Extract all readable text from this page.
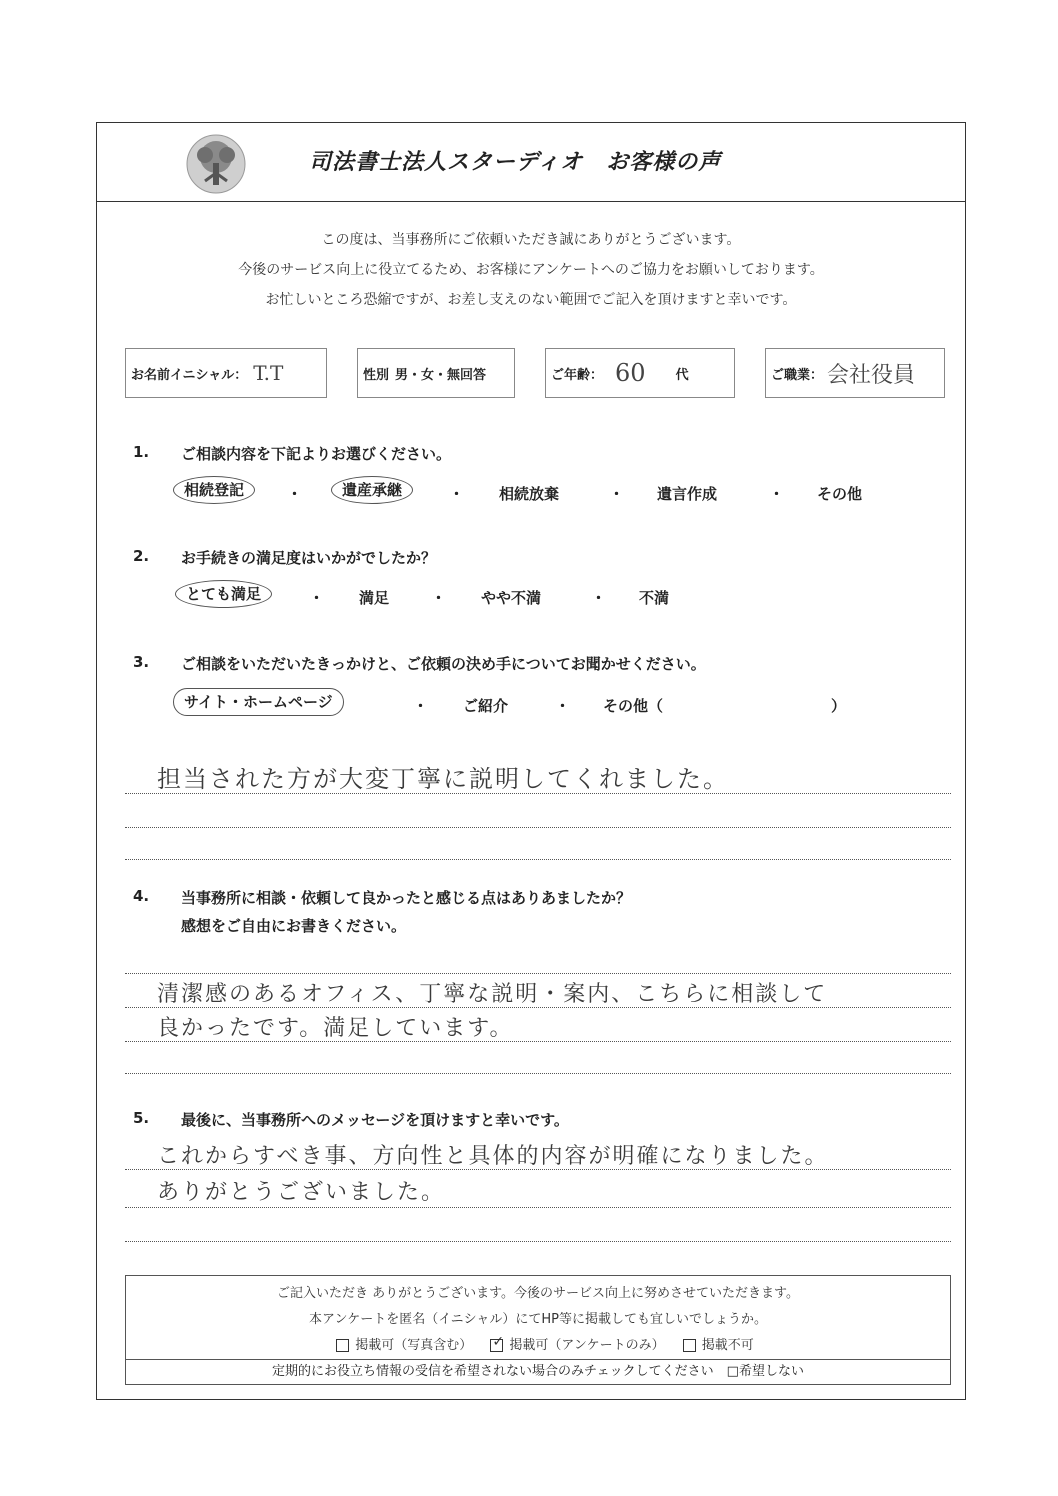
司法書士法人スターディオ　お客様の声
この度は、当事務所にご依頼いただき誠にありがとうございます。
今後のサービス向上に役立てるため、お客様にアンケートへのご協力をお願いしております。
お忙しいところ恐縮ですが、お差し支えのない範囲でご記入を頂けますと幸いです。
お名前イニシャル： T.T	性別 男・女・無回答	ご年齢： 60 代	ご職業： 会社役員
1. ご相談内容を下記よりお選びください。
相続登記	・	遺産承継	・ 相続放棄	・ 遺言作成	・ その他
2. お手続きの満足度はいかがでしたか？
とても満足	・ 満足	・ やや不満	・ 不満
3. ご相談をいただいたきっかけと、ご依頼の決め手についてお聞かせください。
サイト・ホームページ	・ ご紹介	・ その他（	）
担当された方が大変丁寧に説明してくれました。
4. 当事務所に相談・依頼して良かったと感じる点はありあましたか？
感想をご自由にお書きください。
清潔感のあるオフィス、丁寧な説明・案内、こちらに相談して
良かったです。満足しています。
5. 最後に、当事務所へのメッセージを頂けますと幸いです。
これからすべき事、方向性と具体的内容が明確になりました。
ありがとうございました。
ご記入いただき ありがとうございます。今後のサービス向上に努めさせていただきます。
本アンケートを匿名（イニシャル）にてHP等に掲載しても宜しいでしょうか。
掲載可（写真含む） ✓ 掲載可（アンケートのみ）	掲載不可
定期的にお役立ち情報の受信を希望されない場合のみチェックしてください　□希望しない
